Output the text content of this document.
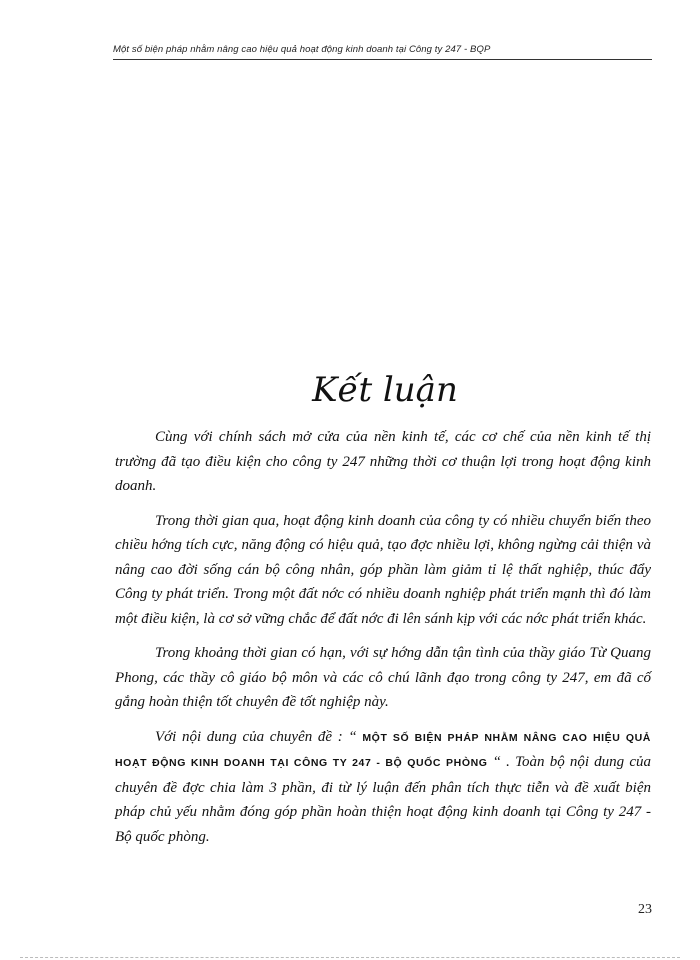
Một số biện pháp nhằm nâng cao hiệu quả hoạt động kinh doanh tại Công ty 247 - BQP
Kết luận

Cùng với chính sách mở cửa của nền kinh tế, các cơ chế của nền kinh tế thị trường đã tạo điều kiện cho công ty 247 những thời cơ thuận lợi trong hoạt động kinh doanh.

Trong thời gian qua, hoạt động kinh doanh của công ty có nhiều chuyển biến theo chiều hớng tích cực, năng động có hiệu quả, tạo đợc nhiều lợi, không ngừng cải thiện và nâng cao đời sống cán bộ công nhân, góp phần làm giảm tỉ lệ thất nghiệp, thúc đẩy Công ty phát triển. Trong một đất nớc có nhiều doanh nghiệp phát triển mạnh thì đó làm một điều kiện, là cơ sở vững chắc để đất nớc đi lên sánh kịp với các nớc phát triển khác.

Trong khoảng thời gian có hạn, với sự hớng dẫn tận tình của thầy giáo Từ Quang Phong, các thầy cô giáo bộ môn và các cô chú lãnh đạo trong công ty 247, em đã cố gắng hoàn thiện tốt chuyên đề tốt nghiệp này.

Với nội dung của chuyên đề : “ MỘT SỐ BIỆN PHÁP NHẰM NÂNG CAO HIỆU QUẢ HOẠT ĐỘNG KINH DOANH TẠI CÔNG TY 247 - BỘ QUỐC PHÒNG “ . Toàn bộ nội dung của chuyên đề đợc chia làm 3 phần, đi từ lý luận đến phân tích thực tiễn và đề xuất biện pháp chủ yếu nhằm đóng góp phần hoàn thiện hoạt động kinh doanh tại Công ty 247 - Bộ quốc phòng.

23
